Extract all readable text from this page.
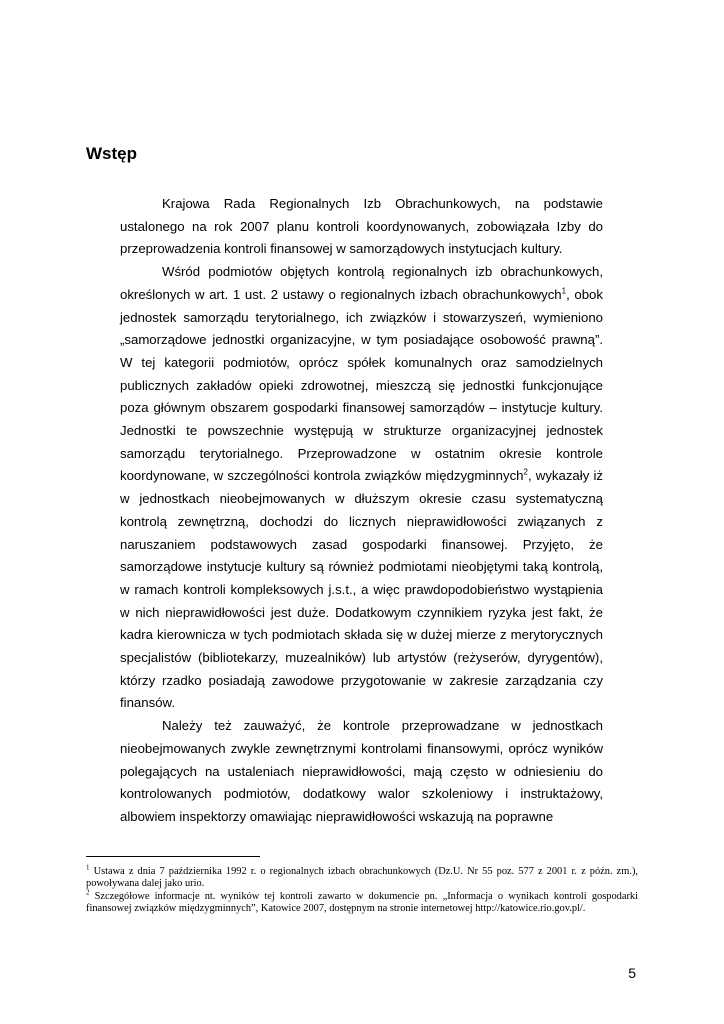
Wstęp

Krajowa Rada Regionalnych Izb Obrachunkowych, na podstawie ustalonego na rok 2007 planu kontroli koordynowanych, zobowiązała Izby do przeprowadzenia kontroli finansowej w samorządowych instytucjach kultury.

Wśród podmiotów objętych kontrolą regionalnych izb obrachunkowych, określonych w art. 1 ust. 2 ustawy o regionalnych izbach obrachunkowych$^1$, obok jednostek samorządu terytorialnego, ich związków i stowarzyszeń, wymieniono „samorządowe jednostki organizacyjne, w tym posiadające osobowość prawną”. W tej kategorii podmiotów, oprócz spółek komunalnych oraz samodzielnych publicznych zakładów opieki zdrowotnej, mieszczą się jednostki funkcjonujące poza głównym obszarem gospodarki finansowej samorządów – instytucje kultury. Jednostki te powszechnie występują w strukturze organizacyjnej jednostek samorządu terytorialnego. Przeprowadzone w ostatnim okresie kontrole koordynowane, w szczególności kontrola związków międzygminnych$^2$, wykazały iż w jednostkach nieobejmowanych w dłuższym okresie czasu systematyczną kontrolą zewnętrzną, dochodzi do licznych nieprawidłowości związanych z naruszaniem podstawowych zasad gospodarki finansowej. Przyjęto, że samorządowe instytucje kultury są również podmiotami nieobjętymi taką kontrolą, w ramach kontroli kompleksowych j.s.t., a więc prawdopodobieństwo wystąpienia w nich nieprawidłowości jest duże. Dodatkowym czynnikiem ryzyka jest fakt, że kadra kierownicza w tych podmiotach składa się w dużej mierze z merytorycznych specjalistów (bibliotekarzy, muzealników) lub artystów (reżyserów, dyrygentów), którzy rzadko posiadają zawodowe przygotowanie w zakresie zarządzania czy finansów.

Należy też zauważyć, że kontrole przeprowadzane w jednostkach nieobejmowanych zwykle zewnętrznymi kontrolami finansowymi, oprócz wyników polegających na ustaleniach nieprawidłowości, mają często w odniesieniu do kontrolowanych podmiotów, dodatkowy walor szkoleniowy i instruktażowy, albowiem inspektorzy omawiając nieprawidłowości wskazują na poprawne

$^1$ Ustawa z dnia 7 października 1992 r. o regionalnych izbach obrachunkowych (Dz.U. Nr 55 poz. 577 z 2001 r. z późn. zm.), powoływana dalej jako urio.

$^2$ Szczegółowe informacje nt. wyników tej kontroli zawarto w dokumencie pn. „Informacja o wynikach kontroli gospodarki finansowej związków międzygminnych”, Katowice 2007, dostępnym na stronie internetowej http://katowice.rio.gov.pl/.

5
